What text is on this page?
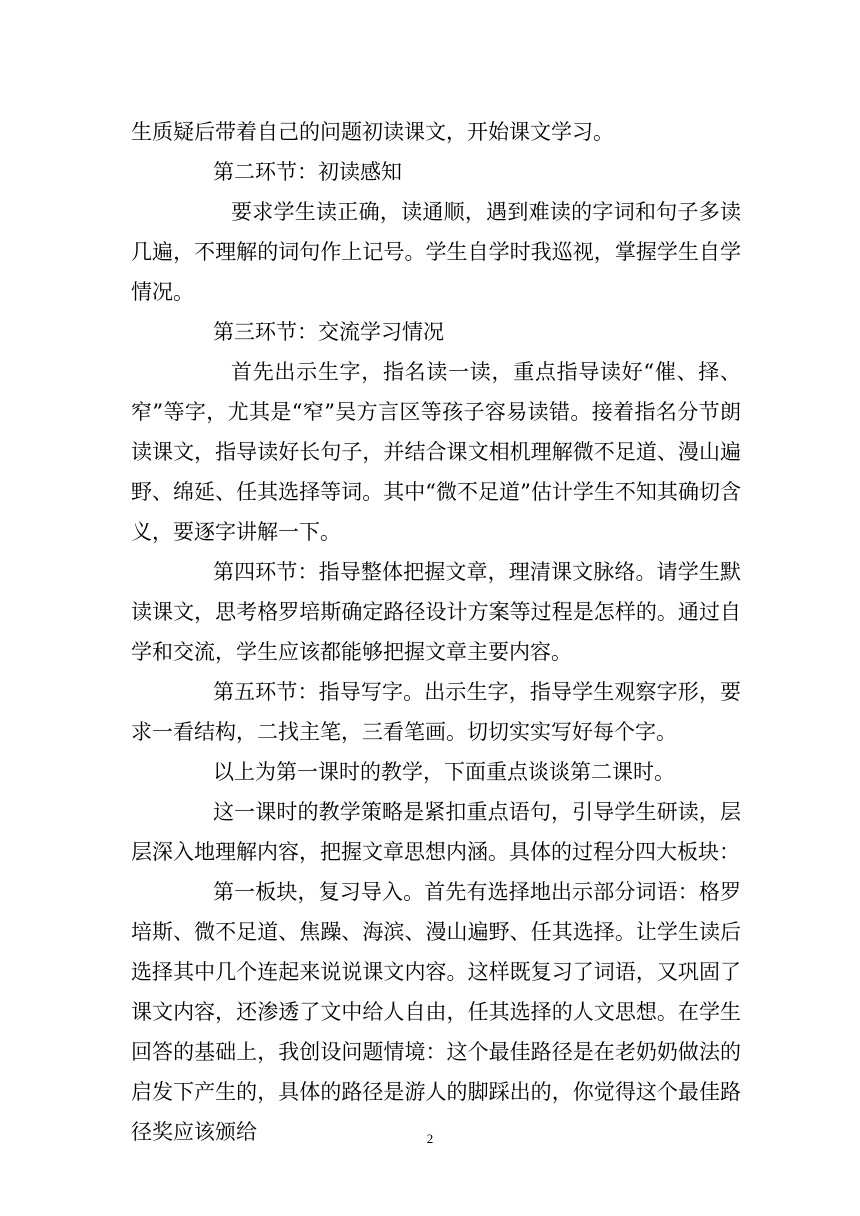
生质疑后带着自己的问题初读课文，开始课文学习。

第二环节：初读感知

要求学生读正确，读通顺，遇到难读的字词和句子多读几遍，不理解的词句作上记号。学生自学时我巡视，掌握学生自学情况。

第三环节：交流学习情况

首先出示生字，指名读一读，重点指导读好“催、择、窄”等字，尤其是“窄”吴方言区等孩子容易读错。接着指名分节朗读课文，指导读好长句子，并结合课文相机理解微不足道、漫山遍野、绵延、任其选择等词。其中“微不足道”估计学生不知其确切含义，要逐字讲解一下。

第四环节：指导整体把握文章，理清课文脉络。请学生默读课文，思考格罗培斯确定路径设计方案等过程是怎样的。通过自学和交流，学生应该都能够把握文章主要内容。

第五环节：指导写字。出示生字，指导学生观察字形，要求一看结构，二找主笔，三看笔画。切切实实写好每个字。

以上为第一课时的教学，下面重点谈谈第二课时。

这一课时的教学策略是紧扣重点语句，引导学生研读，层层深入地理解内容，把握文章思想内涵。具体的过程分四大板块：

第一板块，复习导入。首先有选择地出示部分词语：格罗培斯、微不足道、焦躁、海滨、漫山遍野、任其选择。让学生读后选择其中几个连起来说说课文内容。这样既复习了词语，又巩固了课文内容，还渗透了文中给人自由，任其选择的人文思想。在学生回答的基础上，我创设问题情境：这个最佳路径是在老奶奶做法的启发下产生的，具体的路径是游人的脚踩出的，你觉得这个最佳路径奖应该颁给	2
